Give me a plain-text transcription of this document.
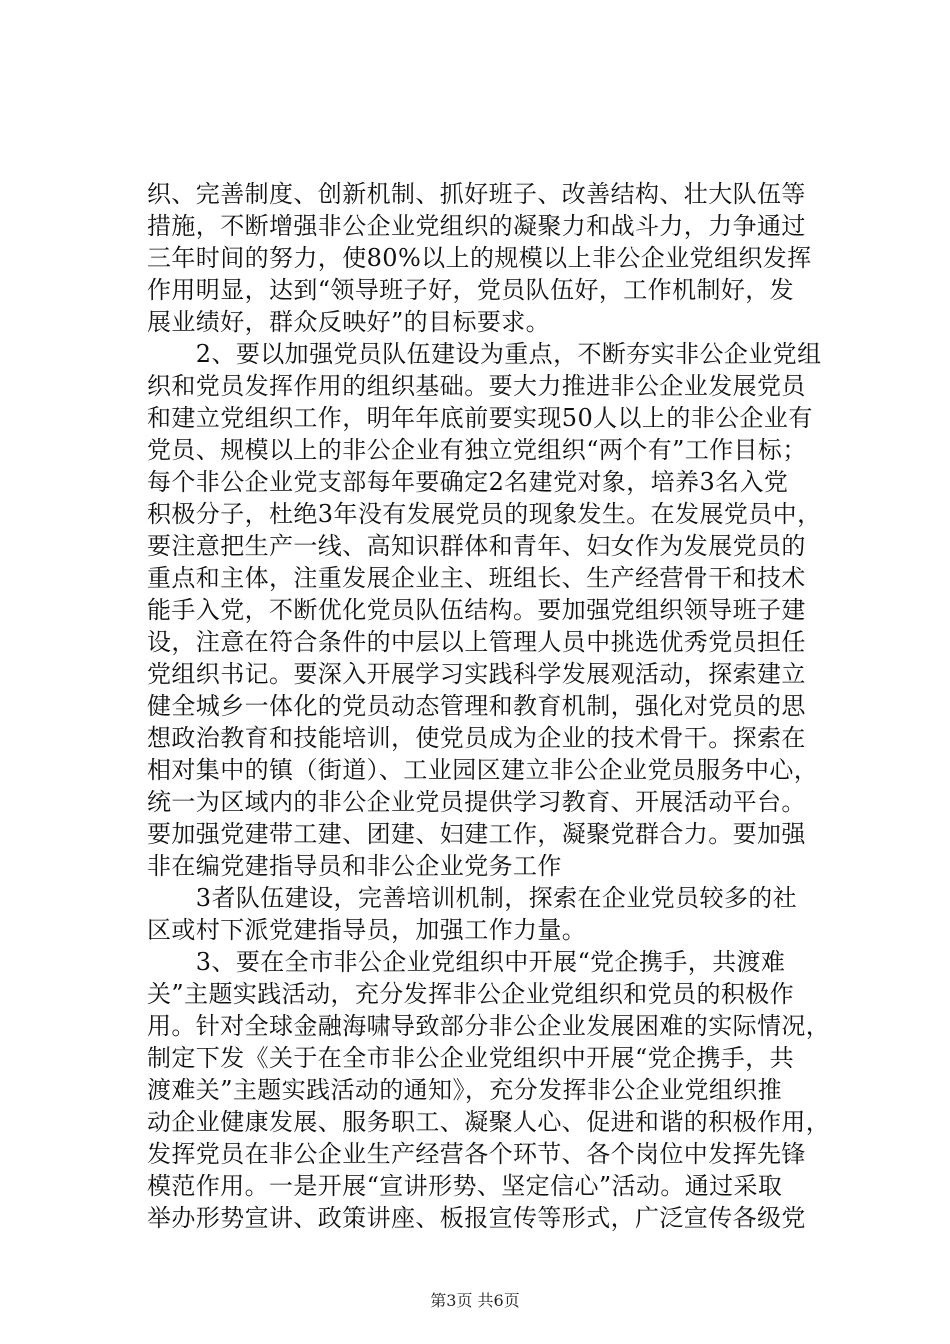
织、完善制度、创新机制、抓好班子、改善结构、壮大队伍等
措施，不断增强非公企业党组织的凝聚力和战斗力，力争通过
三年时间的努力，使80%以上的规模以上非公企业党组织发挥
作用明显，达到“领导班子好，党员队伍好，工作机制好，发
展业绩好，群众反映好”的目标要求。
　　2、要以加强党员队伍建设为重点，不断夯实非公企业党组
织和党员发挥作用的组织基础。要大力推进非公企业发展党员
和建立党组织工作，明年年底前要实现50人以上的非公企业有
党员、规模以上的非公企业有独立党组织“两个有”工作目标；
每个非公企业党支部每年要确定2名建党对象，培养3名入党
积极分子，杜绝3年没有发展党员的现象发生。在发展党员中，
要注意把生产一线、高知识群体和青年、妇女作为发展党员的
重点和主体，注重发展企业主、班组长、生产经营骨干和技术
能手入党，不断优化党员队伍结构。要加强党组织领导班子建
设，注意在符合条件的中层以上管理人员中挑选优秀党员担任
党组织书记。要深入开展学习实践科学发展观活动，探索建立
健全城乡一体化的党员动态管理和教育机制，强化对党员的思
想政治教育和技能培训，使党员成为企业的技术骨干。探索在
相对集中的镇（街道）、工业园区建立非公企业党员服务中心，
统一为区域内的非公企业党员提供学习教育、开展活动平台。
要加强党建带工建、团建、妇建工作，凝聚党群合力。要加强
非在编党建指导员和非公企业党务工作
　　3者队伍建设，完善培训机制，探索在企业党员较多的社
区或村下派党建指导员，加强工作力量。
　　3、要在全市非公企业党组织中开展“党企携手，共渡难
关”主题实践活动，充分发挥非公企业党组织和党员的积极作
用。针对全球金融海啸导致部分非公企业发展困难的实际情况，
制定下发《关于在全市非公企业党组织中开展“党企携手，共
渡难关”主题实践活动的通知》，充分发挥非公企业党组织推
动企业健康发展、服务职工、凝聚人心、促进和谐的积极作用，
发挥党员在非公企业生产经营各个环节、各个岗位中发挥先锋
模范作用。一是开展“宣讲形势、坚定信心”活动。通过采取
举办形势宣讲、政策讲座、板报宣传等形式，广泛宣传各级党
第3页 共6页
